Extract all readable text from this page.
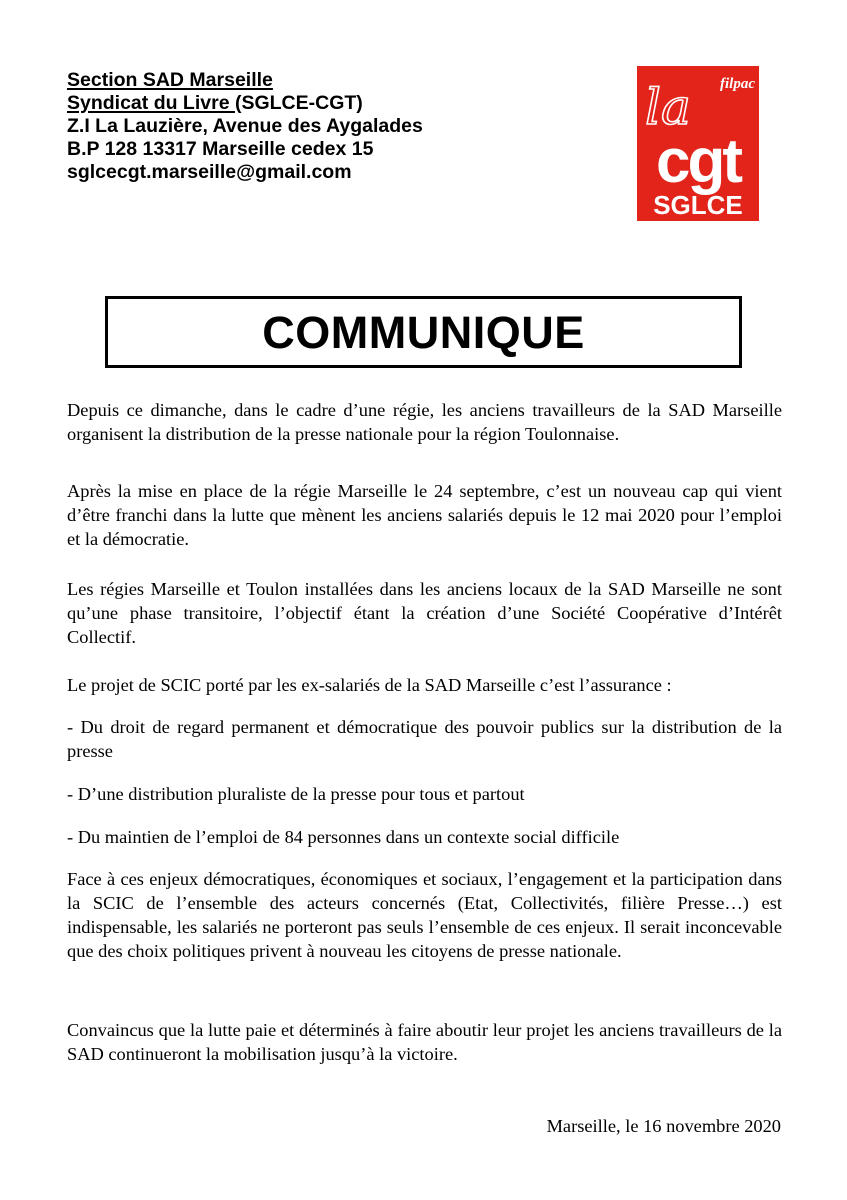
Section SAD Marseille
Syndicat du Livre (SGLCE-CGT)
Z.I La Lauzière, Avenue des Aygalades
B.P 128 13317 Marseille cedex 15
sglcecgt.marseille@gmail.com
filpac
la
cgt
SGLCE
COMMUNIQUE

Depuis ce dimanche, dans le cadre d’une régie, les anciens travailleurs de la SAD Marseille organisent la distribution de la presse nationale pour la région Toulonnaise.

Après la mise en place de la régie Marseille le 24 septembre, c’est un nouveau cap qui vient d’être franchi dans la lutte que mènent les anciens salariés depuis le 12 mai 2020 pour l’emploi et la démocratie.

Les régies Marseille et Toulon installées dans les anciens locaux de la SAD Marseille ne sont qu’une phase transitoire, l’objectif étant la création d’une Société Coopérative d’Intérêt Collectif.

Le projet de SCIC porté par les ex-salariés de la SAD Marseille c’est l’assurance :

- Du droit de regard permanent et démocratique des pouvoir publics sur la distribution de la presse

- D’une distribution pluraliste de la presse pour tous et partout

- Du maintien de l’emploi de 84 personnes dans un contexte social difficile

Face à ces enjeux démocratiques, économiques et sociaux, l’engagement et la participation dans la SCIC de l’ensemble des acteurs concernés (Etat, Collectivités, filière Presse…) est indispensable, les salariés ne porteront pas seuls l’ensemble de ces enjeux. Il serait inconcevable que des choix politiques privent à nouveau les citoyens de presse nationale.

Convaincus que la lutte paie et déterminés à faire aboutir leur projet les anciens travailleurs de la SAD continueront la mobilisation jusqu’à la victoire.

Marseille, le 16 novembre 2020
